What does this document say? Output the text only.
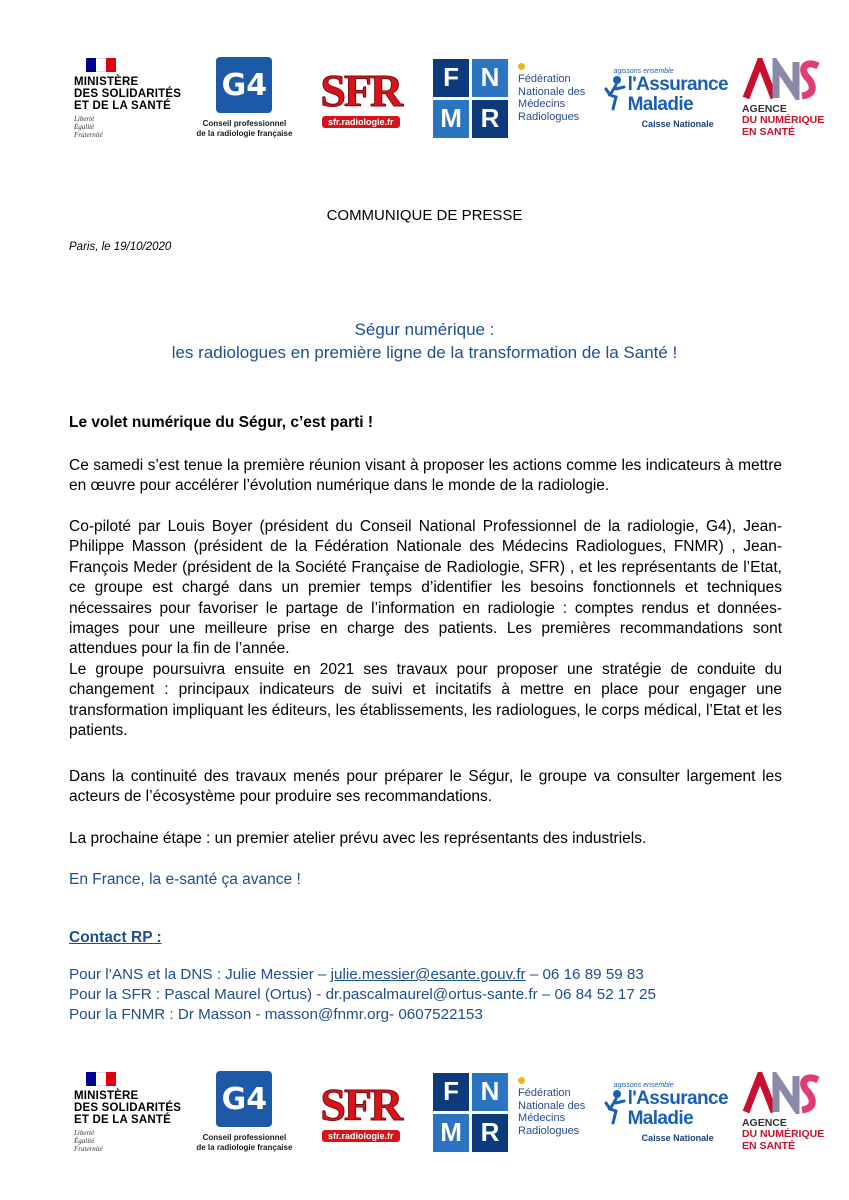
MINISTÈRE
DES SOLIDARITÉS
ET DE LA SANTÉ
Liberté
Égalité
Fraternité
G4
Conseil professionnel
de la radiologie française
SFR
sfr.radiologie.fr
F N
M R
Fédération
Nationale des
Médecins
Radiologues
agissons ensemble
l'Assurance
Maladie
Caisse Nationale
AGENCE
DU NUMÉRIQUE
EN SANTÉ
COMMUNIQUE DE PRESSE
Paris, le 19/10/2020
Ségur numérique :
les radiologues en première ligne de la transformation de la Santé !
Le volet numérique du Ségur, c’est parti !

Ce samedi s’est tenue la première réunion visant à proposer les actions comme les indicateurs à mettre en œuvre pour accélérer l’évolution numérique dans le monde de la radiologie.

Co-piloté par Louis Boyer (président du Conseil National Professionnel de la radiologie, G4), Jean-Philippe Masson (président de la Fédération Nationale des Médecins Radiologues, FNMR) , Jean-François Meder (président de la Société Française de Radiologie, SFR) , et les représentants de l’Etat, ce groupe est chargé dans un premier temps d’identifier les besoins fonctionnels et techniques nécessaires pour favoriser le partage de l’information en radiologie : comptes rendus et données-images pour une meilleure prise en charge des patients. Les premières recommandations sont attendues pour la fin de l’année.

Le groupe poursuivra ensuite en 2021 ses travaux pour proposer une stratégie de conduite du changement : principaux indicateurs de suivi et incitatifs à mettre en place pour engager une transformation impliquant les éditeurs, les établissements, les radiologues, le corps médical, l’Etat et les patients.

Dans la continuité des travaux menés pour préparer le Ségur, le groupe va consulter largement les acteurs de l’écosystème pour produire ses recommandations.

La prochaine étape : un premier atelier prévu avec les représentants des industriels.

En France, la e-santé ça avance !

Contact RP :
Pour l’ANS et la DNS : Julie Messier – julie.messier@esante.gouv.fr – 06 16 89 59 83
Pour la SFR : Pascal Maurel (Ortus) - dr.pascalmaurel@ortus-sante.fr – 06 84 52 17 25
Pour la FNMR : Dr Masson - masson@fnmr.org- 0607522153
MINISTÈRE
DES SOLIDARITÉS
ET DE LA SANTÉ
Liberté
Égalité
Fraternité
G4
Conseil professionnel
de la radiologie française
SFR
sfr.radiologie.fr
F N
M R
Fédération
Nationale des
Médecins
Radiologues
agissons ensemble
l'Assurance
Maladie
Caisse Nationale
AGENCE
DU NUMÉRIQUE
EN SANTÉ
